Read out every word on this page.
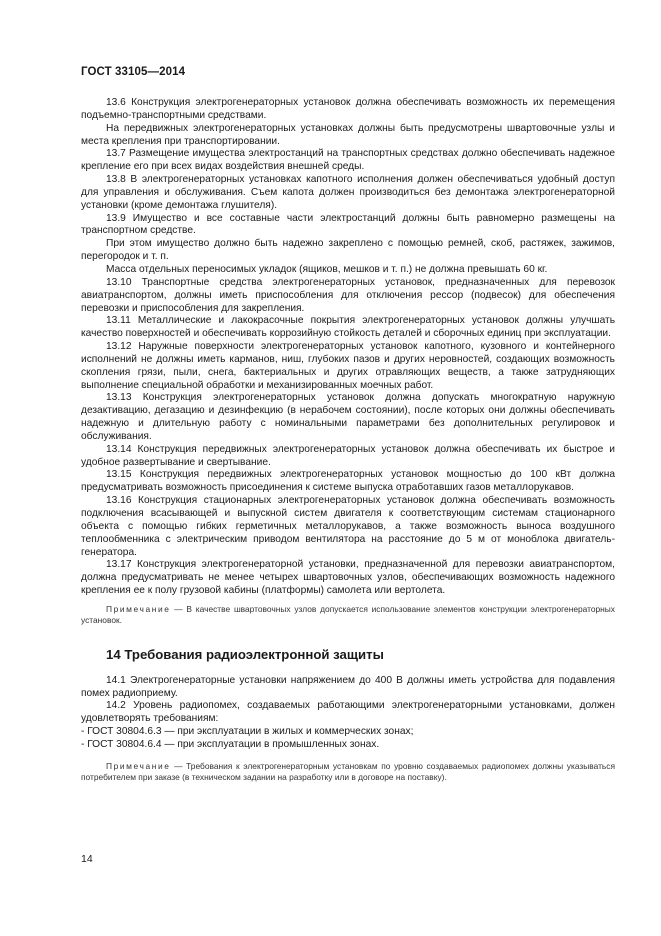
ГОСТ 33105—2014

13.6 Конструкция электрогенераторных установок должна обеспечивать возможность их перемещения подъемно-транспортными средствами.

На передвижных электрогенераторных установках должны быть предусмотрены швартовочные узлы и места крепления при транспортировании.

13.7 Размещение имущества электростанций на транспортных средствах должно обеспечивать надежное крепление его при всех видах воздействия внешней среды.

13.8 В электрогенераторных установках капотного исполнения должен обеспечиваться удобный доступ для управления и обслуживания. Съем капота должен производиться без демонтажа электрогенераторной установки (кроме демонтажа глушителя).

13.9 Имущество и все составные части электростанций должны быть равномерно размещены на транспортном средстве.

При этом имущество должно быть надежно закреплено с помощью ремней, скоб, растяжек, зажимов, перегородок и т. п.

Масса отдельных переносимых укладок (ящиков, мешков и т. п.) не должна превышать 60 кг.

13.10 Транспортные средства электрогенераторных установок, предназначенных для перевозок авиатранспортом, должны иметь приспособления для отключения рессор (подвесок) для обеспечения перевозки и приспособления для закрепления.

13.11 Металлические и лакокрасочные покрытия электрогенераторных установок должны улучшать качество поверхностей и обеспечивать коррозийную стойкость деталей и сборочных единиц при эксплуатации.

13.12 Наружные поверхности электрогенераторных установок капотного, кузовного и контейнерного исполнений не должны иметь карманов, ниш, глубоких пазов и других неровностей, создающих возможность скопления грязи, пыли, снега, бактериальных и других отравляющих веществ, а также затрудняющих выполнение специальной обработки и механизированных моечных работ.

13.13 Конструкция электрогенераторных установок должна допускать многократную наружную дезактивацию, дегазацию и дезинфекцию (в нерабочем состоянии), после которых они должны обеспечивать надежную и длительную работу с номинальными параметрами без дополнительных регулировок и обслуживания.

13.14 Конструкция передвижных электрогенераторных установок должна обеспечивать их быстрое и удобное развертывание и свертывание.

13.15 Конструкция передвижных электрогенераторных установок мощностью до 100 кВт должна предусматривать возможность присоединения к системе выпуска отработавших газов металлорукавов.

13.16 Конструкция стационарных электрогенераторных установок должна обеспечивать возможность подключения всасывающей и выпускной систем двигателя к соответствующим системам стационарного объекта с помощью гибких герметичных металлорукавов, а также возможность выноса воздушного теплообменника с электрическим приводом вентилятора на расстояние до 5 м от моноблока двигатель-генератора.

13.17 Конструкция электрогенераторной установки, предназначенной для перевозки авиатранспортом, должна предусматривать не менее четырех швартовочных узлов, обеспечивающих возможность надежного крепления ее к полу грузовой кабины (платформы) самолета или вертолета.

Примечание — В качестве швартовочных узлов допускается использование элементов конструкции электрогенераторных установок.

14 Требования радиоэлектронной защиты

14.1 Электрогенераторные установки напряжением до 400 В должны иметь устройства для подавления помех радиоприему.

14.2 Уровень радиопомех, создаваемых работающими электрогенераторными установками, должен удовлетворять требованиям:

- ГОСТ 30804.6.3 — при эксплуатации в жилых и коммерческих зонах;

- ГОСТ 30804.6.4 — при эксплуатации в промышленных зонах.

Примечание — Требования к электрогенераторным установкам по уровню создаваемых радиопомех должны указываться потребителем при заказе (в техническом задании на разработку или в договоре на поставку).

14
